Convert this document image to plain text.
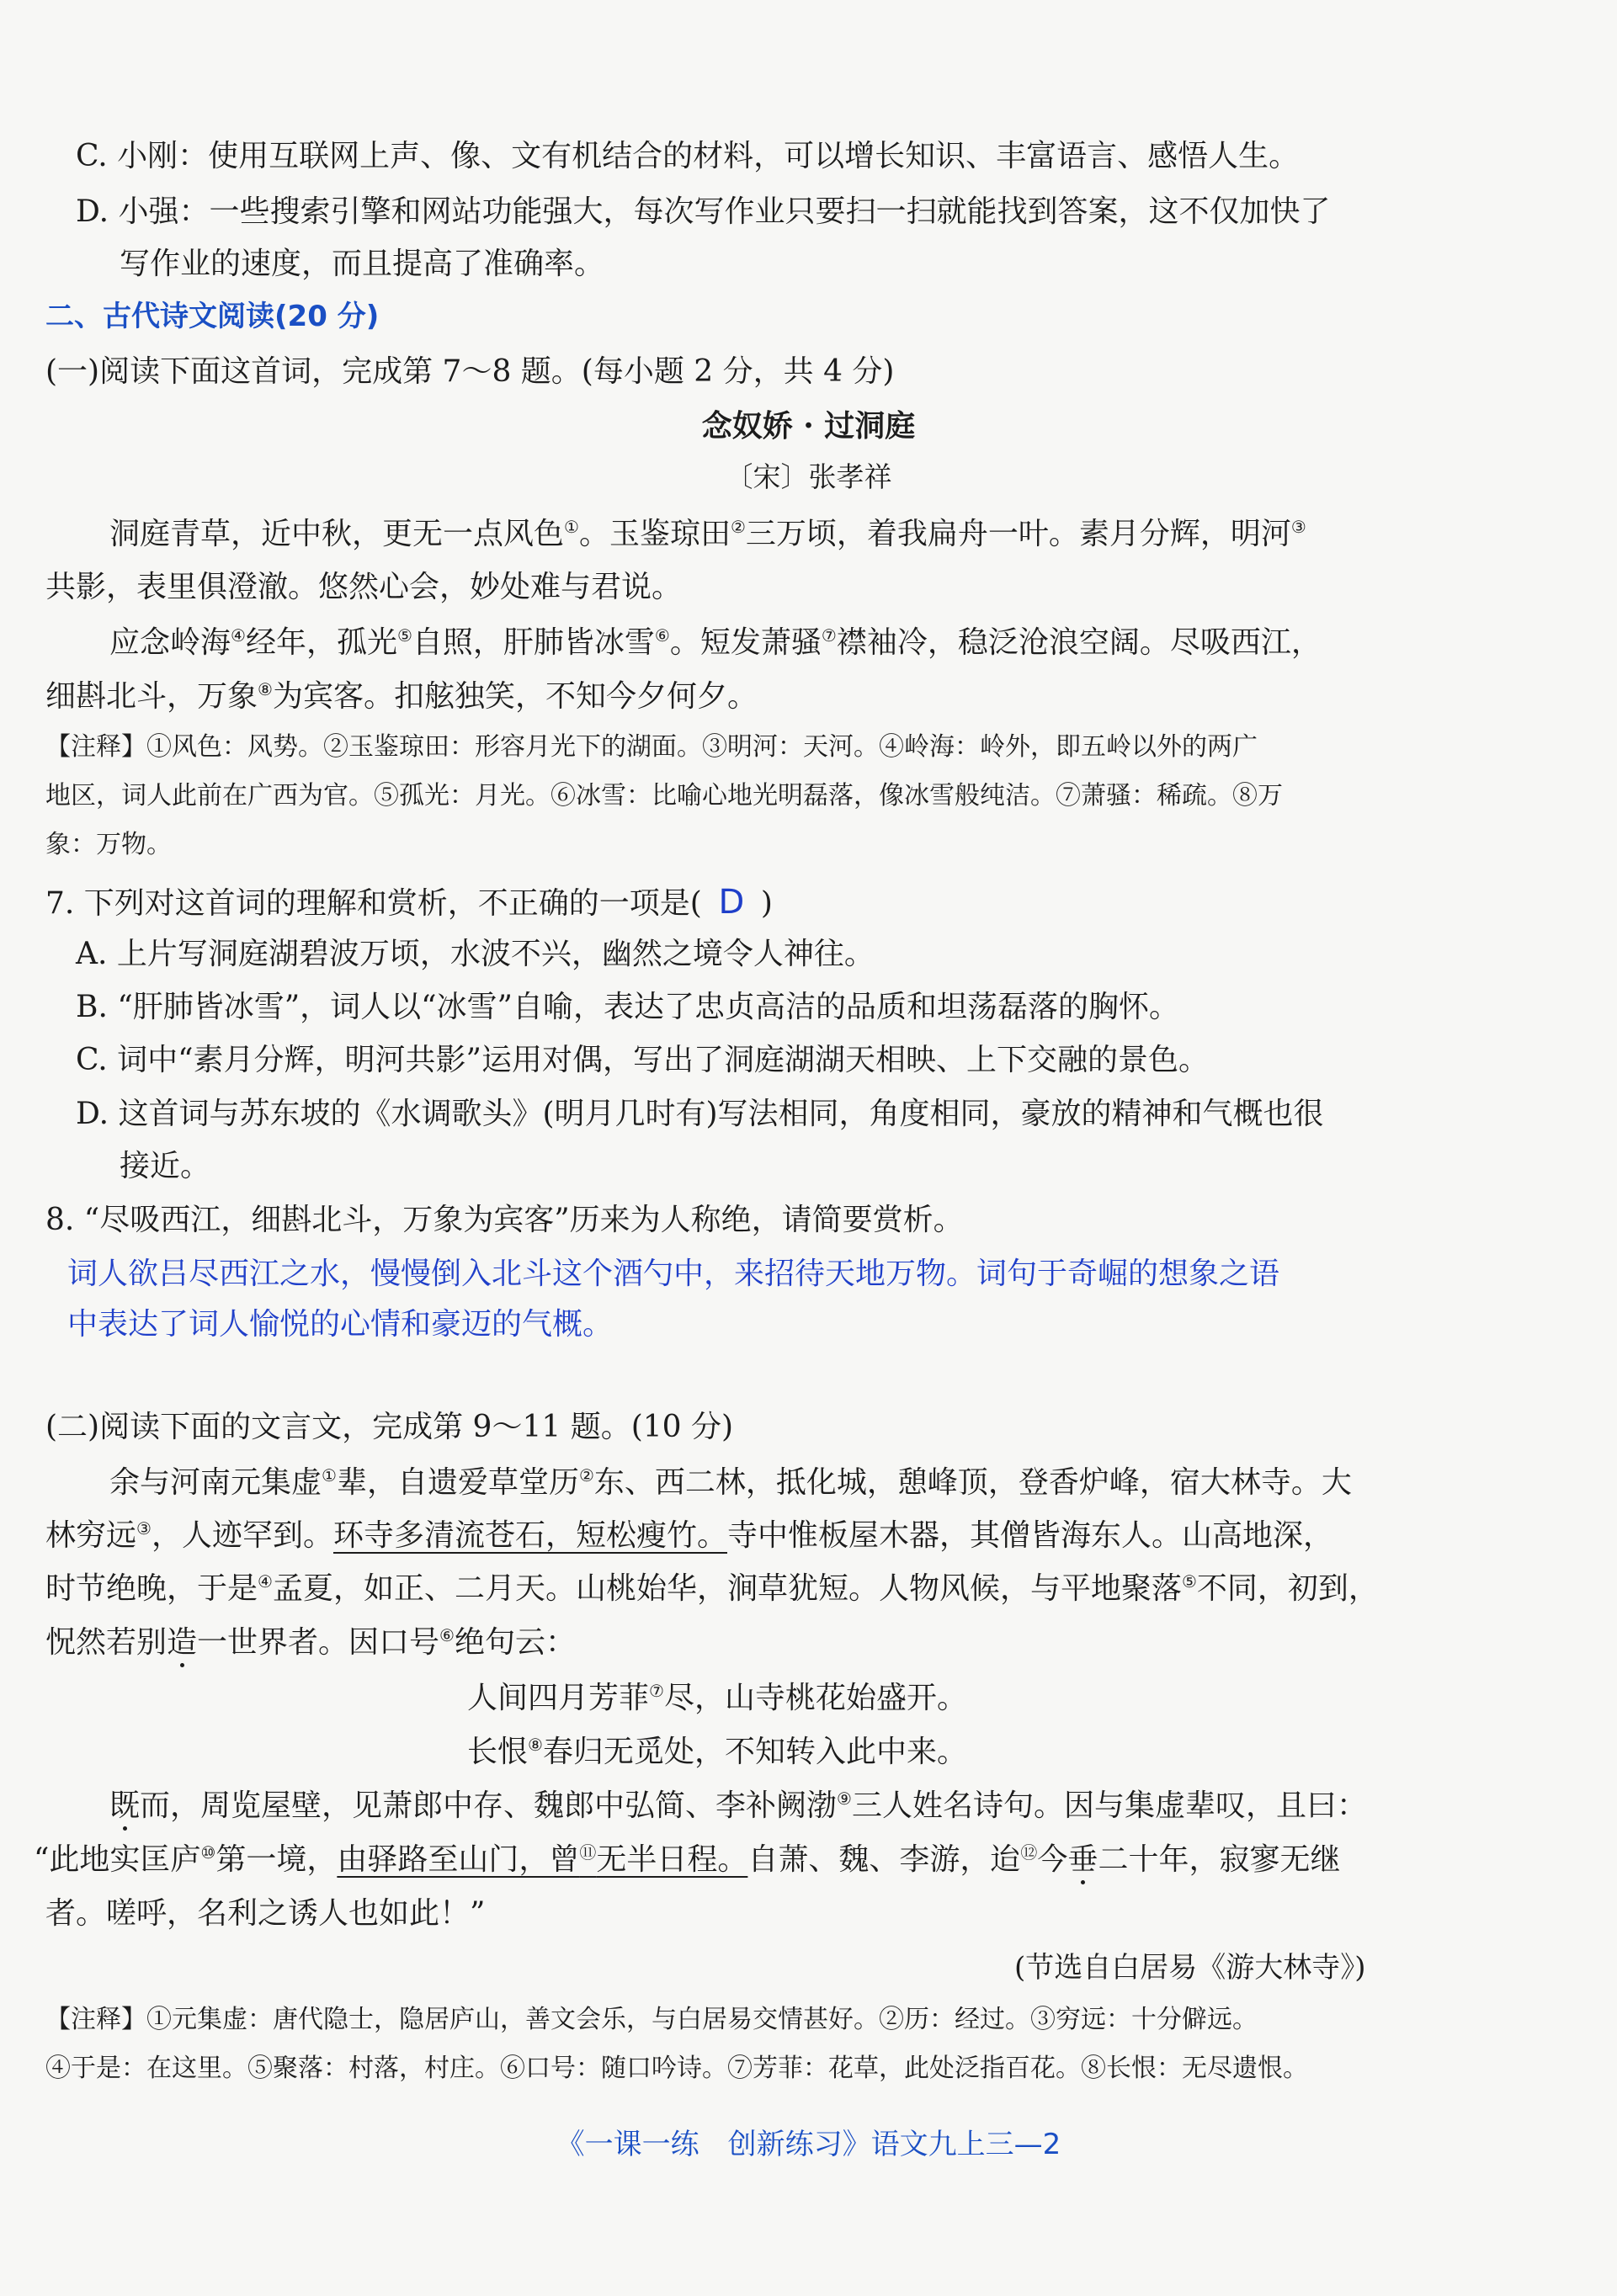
C. 小刚：使用互联网上声、像、文有机结合的材料，可以增长知识、丰富语言、感悟人生。
D. 小强：一些搜索引擎和网站功能强大，每次写作业只要扫一扫就能找到答案，这不仅加快了
写作业的速度，而且提高了准确率。
二、古代诗文阅读(20 分)
(一)阅读下面这首词，完成第 7～8 题。(每小题 2 分，共 4 分)
念奴娇 · 过洞庭
〔宋〕张孝祥
洞庭青草，近中秋，更无一点风色①。玉鉴琼田②三万顷，着我扁舟一叶。素月分辉，明河③
共影，表里俱澄澈。悠然心会，妙处难与君说。
应念岭海④经年，孤光⑤自照，肝肺皆冰雪⑥。短发萧骚⑦襟袖冷，稳泛沧浪空阔。尽吸西江，
细斟北斗，万象⑧为宾客。扣舷独笑，不知今夕何夕。
【注释】①风色：风势。②玉鉴琼田：形容月光下的湖面。③明河：天河。④岭海：岭外，即五岭以外的两广
地区，词人此前在广西为官。⑤孤光：月光。⑥冰雪：比喻心地光明磊落，像冰雪般纯洁。⑦萧骚：稀疏。⑧万
象：万物。
7. 下列对这首词的理解和赏析，不正确的一项是( D )
A. 上片写洞庭湖碧波万顷，水波不兴，幽然之境令人神往。
B. “肝肺皆冰雪”，词人以“冰雪”自喻，表达了忠贞高洁的品质和坦荡磊落的胸怀。
C. 词中“素月分辉，明河共影”运用对偶，写出了洞庭湖湖天相映、上下交融的景色。
D. 这首词与苏东坡的《水调歌头》(明月几时有)写法相同，角度相同，豪放的精神和气概也很
接近。
8. “尽吸西江，细斟北斗，万象为宾客”历来为人称绝，请简要赏析。
词人欲吕尽西江之水，慢慢倒入北斗这个酒勺中，来招待天地万物。词句于奇崛的想象之语
中表达了词人愉悦的心情和豪迈的气概。
(二)阅读下面的文言文，完成第 9～11 题。(10 分)
余与河南元集虚①辈，自遗爱草堂历②东、西二林，抵化城，憩峰顶，登香炉峰，宿大林寺。大
林穷远③，人迹罕到。环寺多清流苍石，短松瘦竹。寺中惟板屋木器，其僧皆海东人。山高地深，
时节绝晚，于是④孟夏，如正、二月天。山桃始华，涧草犹短。人物风候，与平地聚落⑤不同，初到，
怳然若别造一世界者。因口号⑥绝句云：
人间四月芳菲⑦尽，山寺桃花始盛开。
长恨⑧春归无觅处，不知转入此中来。
既而，周览屋壁，见萧郎中存、魏郎中弘简、李补阙渤⑨三人姓名诗句。因与集虚辈叹，且曰：
“此地实匡庐⑩第一境，由驿路至山门，曾⑪无半日程。自萧、魏、李游，迨⑫今垂二十年，寂寥无继
者。嗟呼，名利之诱人也如此！”
(节选自白居易《游大林寺》)
【注释】①元集虚：唐代隐士，隐居庐山，善文会乐，与白居易交情甚好。②历：经过。③穷远：十分僻远。
④于是：在这里。⑤聚落：村落，村庄。⑥口号：随口吟诗。⑦芳菲：花草，此处泛指百花。⑧长恨：无尽遗恨。
《一课一练　创新练习》语文九上三—2
